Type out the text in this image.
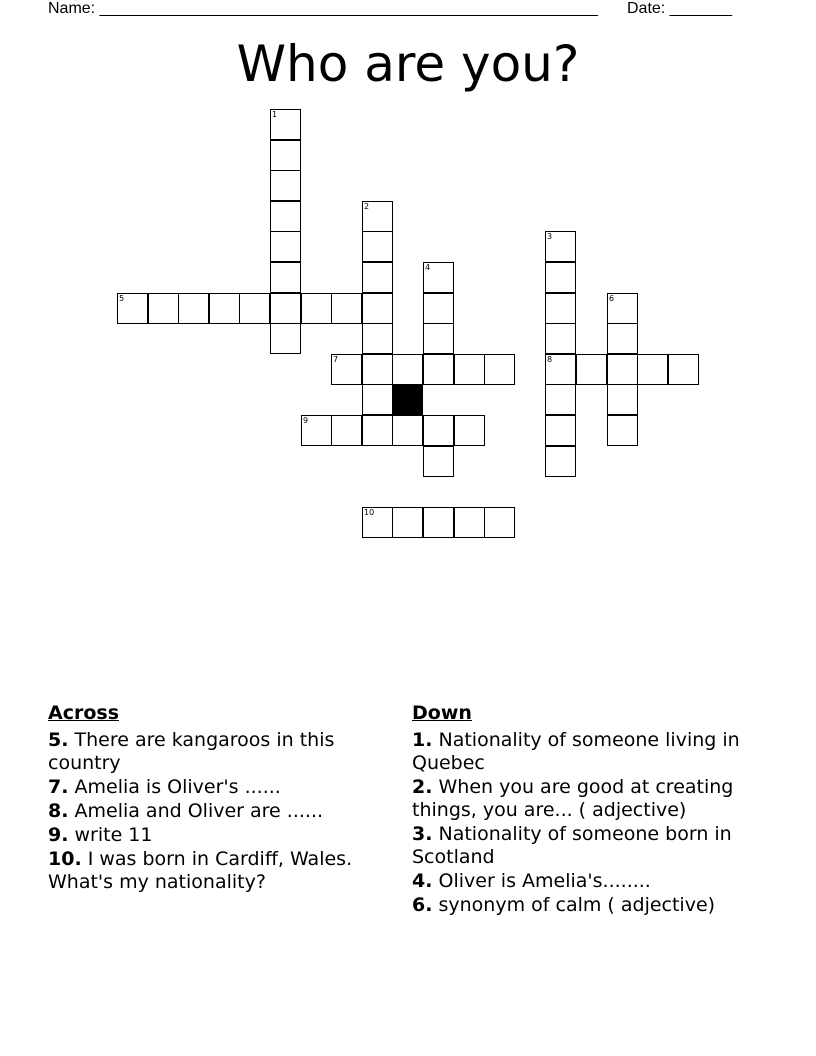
Name: ________________________________________________________ Date: _______
Who are you?
1
2
5
4
7
9
3
8
6
10
Across
5. There are kangaroos in this country
7. Amelia is Oliver's ......
8. Amelia and Oliver are ......
9. write 11
10. I was born in Cardiff, Wales. What's my nationality?
Down
1. Nationality of someone living in Quebec
2. When you are good at creating things, you are... ( adjective)
3. Nationality of someone born in Scotland
4. Oliver is Amelia's........
6. synonym of calm ( adjective)
